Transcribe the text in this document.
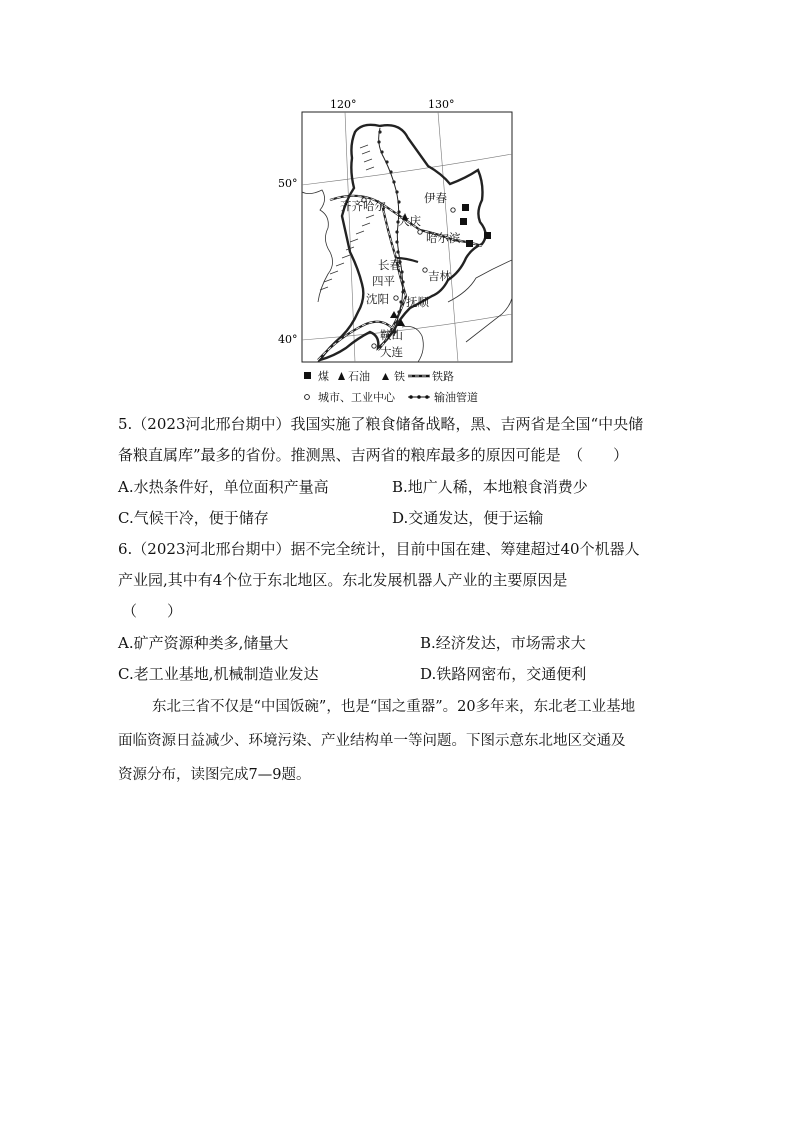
120°	130°
50°
40°
伊春
齐齐哈尔
大庆
哈尔滨
长春
吉林
四平
沈阳 抚顺
鞍山
大连
煤 石油 铁 铁路
城市、工业中心	输油管道
5.（2023河北邢台期中）我国实施了粮食储备战略，黑、吉两省是全国“中央储
备粮直属库”最多的省份。推测黑、吉两省的粮库最多的原因可能是　（　　）
A.水热条件好，单位面积产量高	B.地广人稀，本地粮食消费少
C.气候干冷，便于储存	D.交通发达，便于运输
6.（2023河北邢台期中）据不完全统计，目前中国在建、筹建超过40个机器人
产业园,其中有4个位于东北地区。东北发展机器人产业的主要原因是
（　　）
A.矿产资源种类多,储量大	B.经济发达，市场需求大
C.老工业基地,机械制造业发达	D.铁路网密布，交通便利
东北三省不仅是“中国饭碗”，也是“国之重器”。20多年来，东北老工业基地
面临资源日益减少、环境污染、产业结构单一等问题。下图示意东北地区交通及
资源分布，读图完成7—9题。
